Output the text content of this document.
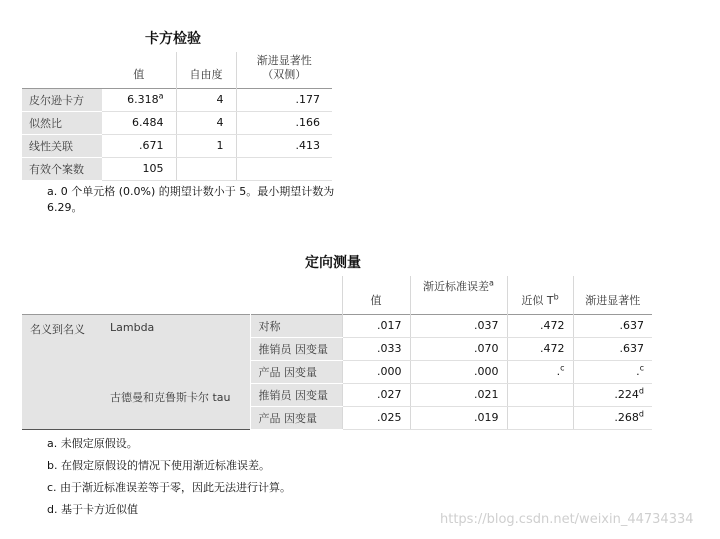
卡方检验
	值	自由度	渐进显著性
（双侧）

皮尔逊卡方	6.318$^a$	4	.177
似然比	6.484	4	.166
线性关联	.671	1	.413
有效个案数	105		
a. 0 个单元格 (0.0%) 的期望计数小于 5。最小期望计数为 6.29。
定向测量
			值	渐近标准误差$^a$	近似 $T^b$	渐进显著性
名义到名义	Lambda	对称	.017	.037	.472	.637
		推销员 因变量	.033	.070	.472	.637
		产品 因变量	.000	.000	.$^c$	.$^c$
	古德曼和克鲁斯卡尔 tau	推销员 因变量	.027	.021		.224$^d$
		产品 因变量	.025	.019		.268$^d$
a. 未假定原假设。
b. 在假定原假设的情况下使用渐近标准误差。
c. 由于渐近标准误差等于零，因此无法进行计算。
d. 基于卡方近似值
https://blog.csdn.net/weixin_44734334
